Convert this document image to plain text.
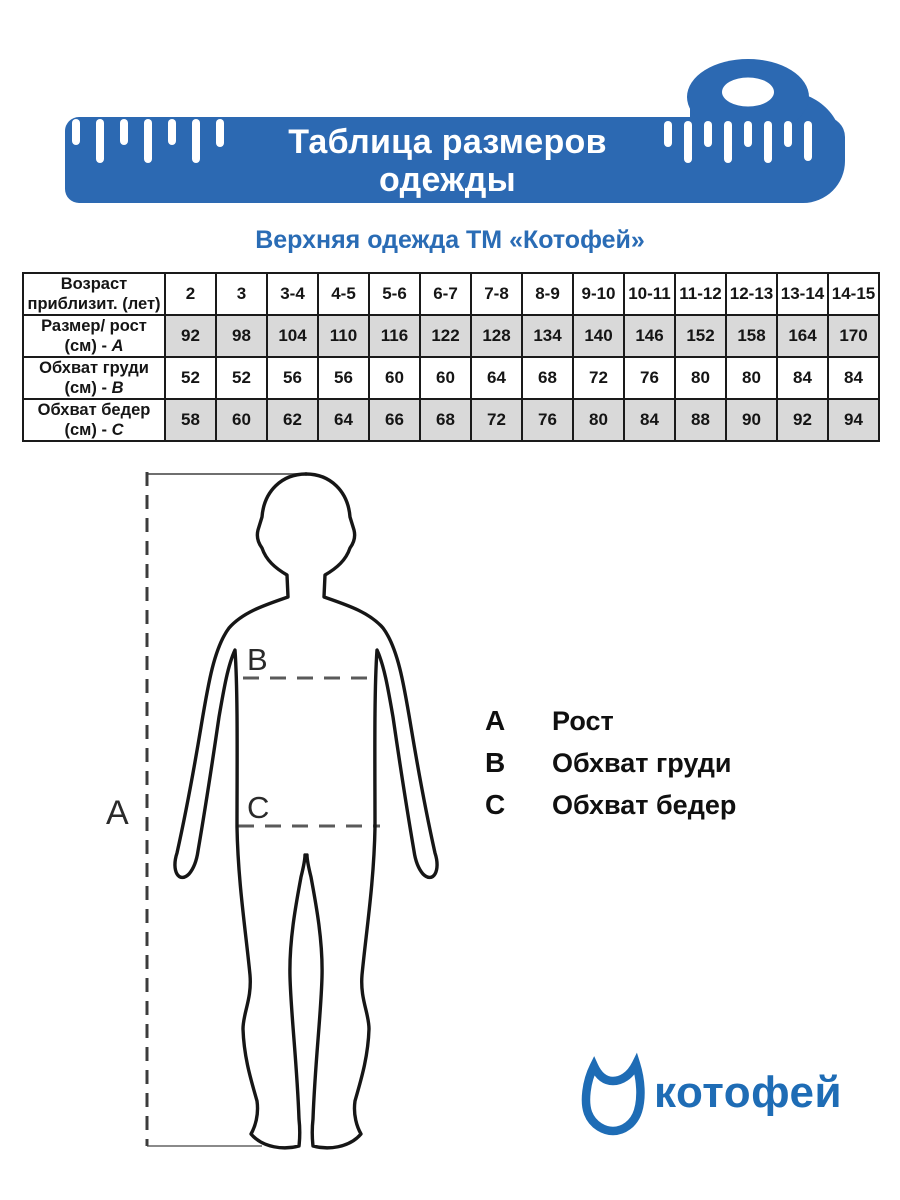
Таблица размеров
одежды
Верхняя одежда ТМ «Котофей»
Возраст
приблизит. (лет)	2	3	3-4	4-5	5-6	6-7	7-8	8-9	9-10	10-11	11-12	12-13	13-14	14-15

Размер/ рост
(см) - A	92	98	104	110	116	122	128	134	140	146	152	158	164	170

Обхват груди
(см) - B	52	52	56	56	60	60	64	68	72	76	80	80	84	84

Обхват бедер
(см) - C	58	60	62	64	66	68	72	76	80	84	88	90	92	94
A
B
C
A	Рост
B	Обхват груди
C	Обхват бедер
котофей
